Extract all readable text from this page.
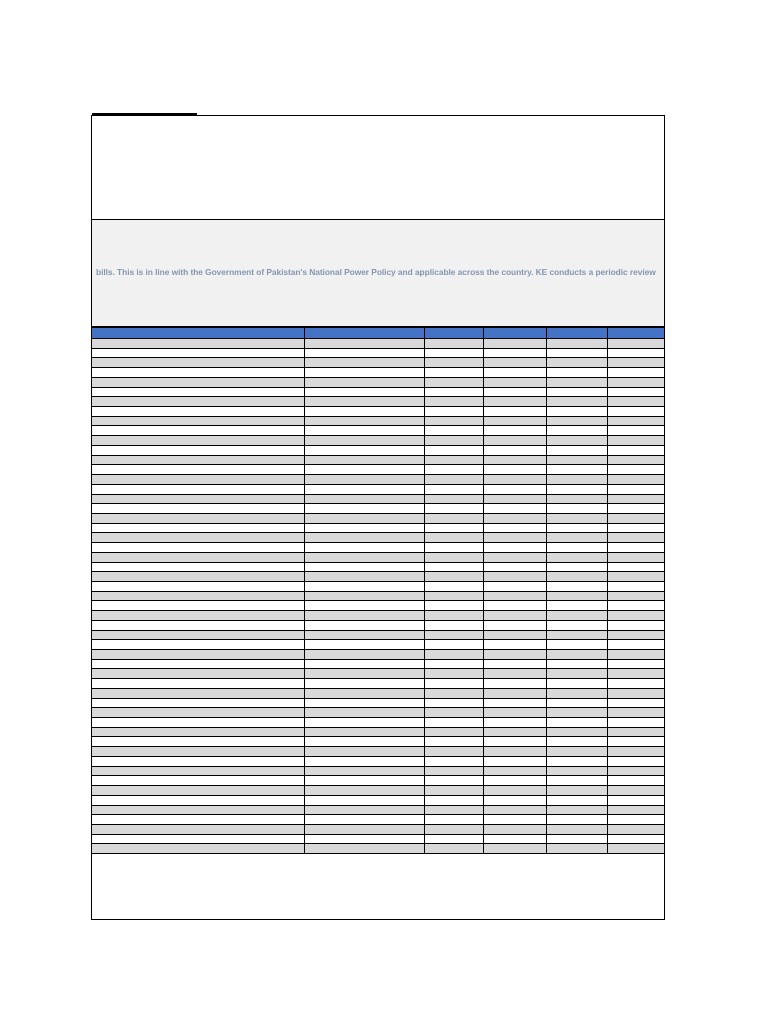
bills. This is in line with the Government of Pakistan's National Power Policy and applicable across the country. KE conducts a periodic review
